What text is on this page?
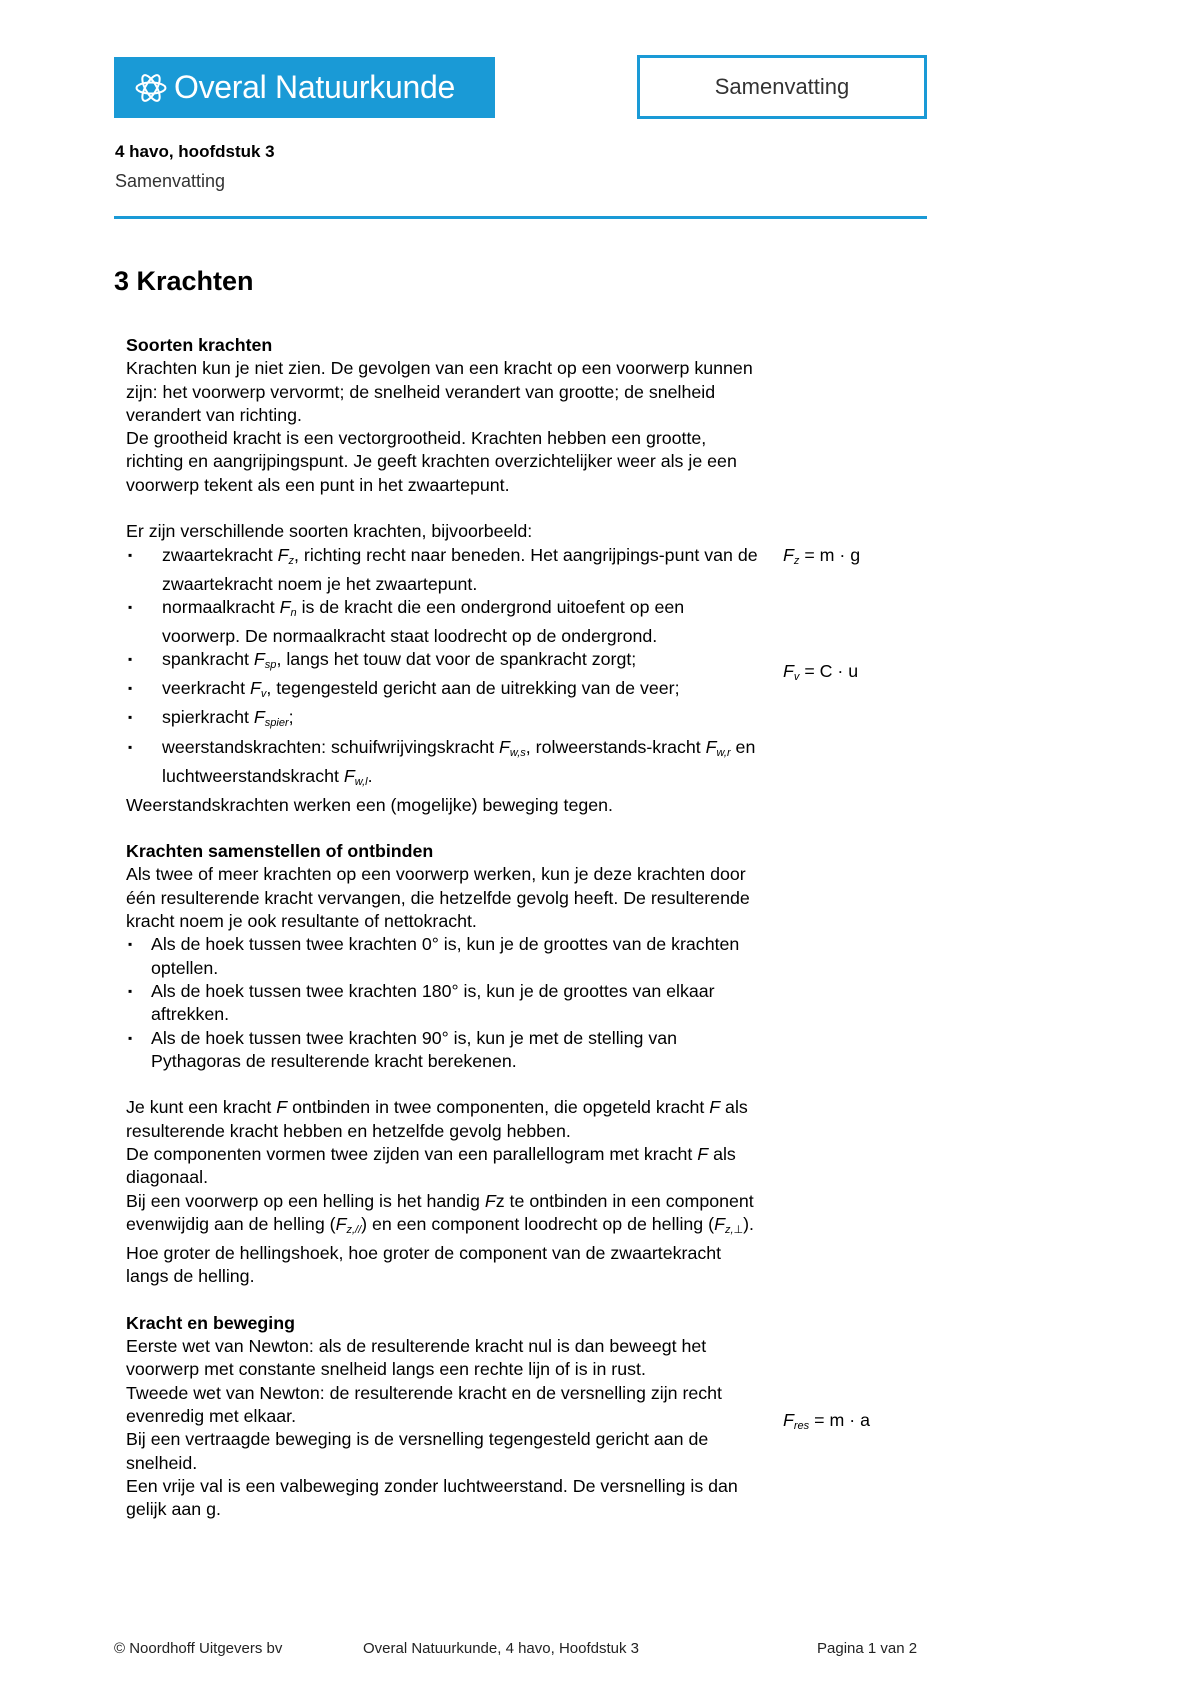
Overal Natuurkunde	Samenvatting
4 havo, hoofdstuk 3
Samenvatting
3 Krachten
Soorten krachten

Krachten kun je niet zien. De gevolgen van een kracht op een voorwerp kunnen zijn: het voorwerp vervormt; de snelheid verandert van grootte; de snelheid verandert van richting.

De grootheid kracht is een vectorgrootheid. Krachten hebben een grootte, richting en aangrijpingspunt. Je geeft krachten overzichtelijker weer als je een voorwerp tekent als een punt in het zwaartepunt.

Er zijn verschillende soorten krachten, bijvoorbeeld:

▪ zwaartekracht $F_z$, richting recht naar beneden. Het aangrijpings-punt van de zwaartekracht noem je het zwaartepunt.
▪ normaalkracht $F_n$ is de kracht die een ondergrond uitoefent op een voorwerp. De normaalkracht staat loodrecht op de ondergrond.
▪ spankracht $F_{sp}$, langs het touw dat voor de spankracht zorgt;
▪ veerkracht $F_v$, tegengesteld gericht aan de uitrekking van de veer;
▪ spierkracht $F_{spier}$;
▪ weerstandskrachten: schuifwrijvingskracht $F_{w,s}$, rolweerstands-kracht $F_{w,r}$ en luchtweerstandskracht $F_{w,l}$.

Weerstandskrachten werken een (mogelijke) beweging tegen.

Krachten samenstellen of ontbinden

Als twee of meer krachten op een voorwerp werken, kun je deze krachten door één resulterende kracht vervangen, die hetzelfde gevolg heeft. De resulterende kracht noem je ook resultante of nettokracht.

▪ Als de hoek tussen twee krachten 0° is, kun je de groottes van de krachten optellen.
▪ Als de hoek tussen twee krachten 180° is, kun je de groottes van elkaar aftrekken.
▪ Als de hoek tussen twee krachten 90° is, kun je met de stelling van Pythagoras de resulterende kracht berekenen.

Je kunt een kracht F ontbinden in twee componenten, die opgeteld kracht F als resulterende kracht hebben en hetzelfde gevolg hebben.

De componenten vormen twee zijden van een parallellogram met kracht F als diagonaal.

Bij een voorwerp op een helling is het handig Fz te ontbinden in een component evenwijdig aan de helling $(F_{z,//})$ en een component loodrecht op de helling $(F_{z,\perp})$.

Hoe groter de hellingshoek, hoe groter de component van de zwaartekracht langs de helling.

Kracht en beweging

Eerste wet van Newton: als de resulterende kracht nul is dan beweegt het voorwerp met constante snelheid langs een rechte lijn of is in rust.

Tweede wet van Newton: de resulterende kracht en de versnelling zijn recht evenredig met elkaar.

Bij een vertraagde beweging is de versnelling tegengesteld gericht aan de snelheid.

Een vrije val is een valbeweging zonder luchtweerstand. De versnelling is dan gelijk aan g.

$F_z = m \cdot g$
$F_v = C \cdot u$
$F_{res} = m \cdot a$
© Noordhoff Uitgevers bv	Overal Natuurkunde, 4 havo, Hoofdstuk 3	Pagina 1 van 2
